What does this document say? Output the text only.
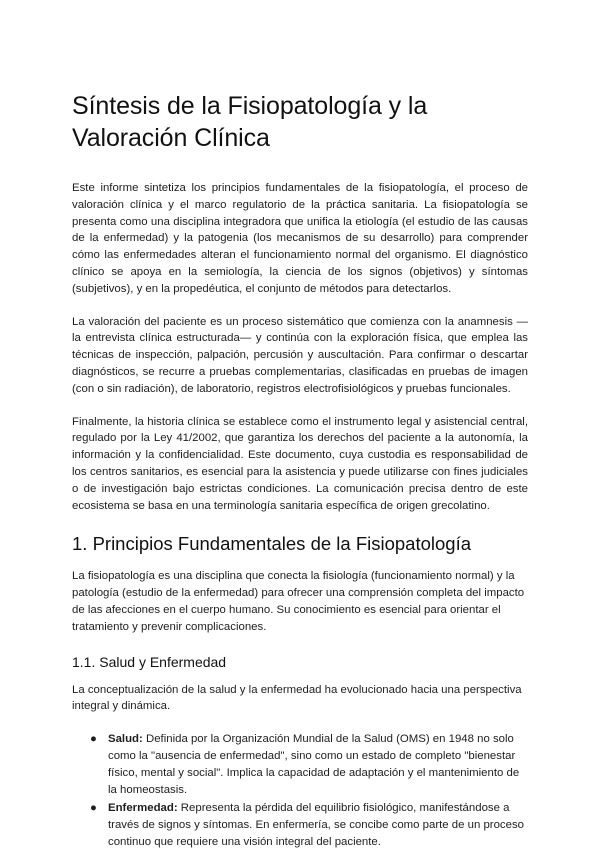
Síntesis de la Fisiopatología y la Valoración Clínica

Este informe sintetiza los principios fundamentales de la fisiopatología, el proceso de valoración clínica y el marco regulatorio de la práctica sanitaria. La fisiopatología se presenta como una disciplina integradora que unifica la etiología (el estudio de las causas de la enfermedad) y la patogenia (los mecanismos de su desarrollo) para comprender cómo las enfermedades alteran el funcionamiento normal del organismo. El diagnóstico clínico se apoya en la semiología, la ciencia de los signos (objetivos) y síntomas (subjetivos), y en la propedéutica, el conjunto de métodos para detectarlos.

La valoración del paciente es un proceso sistemático que comienza con la anamnesis —la entrevista clínica estructurada— y continúa con la exploración física, que emplea las técnicas de inspección, palpación, percusión y auscultación. Para confirmar o descartar diagnósticos, se recurre a pruebas complementarias, clasificadas en pruebas de imagen (con o sin radiación), de laboratorio, registros electrofisiológicos y pruebas funcionales.

Finalmente, la historia clínica se establece como el instrumento legal y asistencial central, regulado por la Ley 41/2002, que garantiza los derechos del paciente a la autonomía, la información y la confidencialidad. Este documento, cuya custodia es responsabilidad de los centros sanitarios, es esencial para la asistencia y puede utilizarse con fines judiciales o de investigación bajo estrictas condiciones. La comunicación precisa dentro de este ecosistema se basa en una terminología sanitaria específica de origen grecolatino.

1. Principios Fundamentales de la Fisiopatología

La fisiopatología es una disciplina que conecta la fisiología (funcionamiento normal) y la patología (estudio de la enfermedad) para ofrecer una comprensión completa del impacto de las afecciones en el cuerpo humano. Su conocimiento es esencial para orientar el tratamiento y prevenir complicaciones.

1.1. Salud y Enfermedad

La conceptualización de la salud y la enfermedad ha evolucionado hacia una perspectiva integral y dinámica.

● Salud: Definida por la Organización Mundial de la Salud (OMS) en 1948 no solo como la "ausencia de enfermedad", sino como un estado de completo "bienestar físico, mental y social". Implica la capacidad de adaptación y el mantenimiento de la homeostasis.
● Enfermedad: Representa la pérdida del equilibrio fisiológico, manifestándose a través de signos y síntomas. En enfermería, se concibe como parte de un proceso continuo que requiere una visión integral del paciente.
